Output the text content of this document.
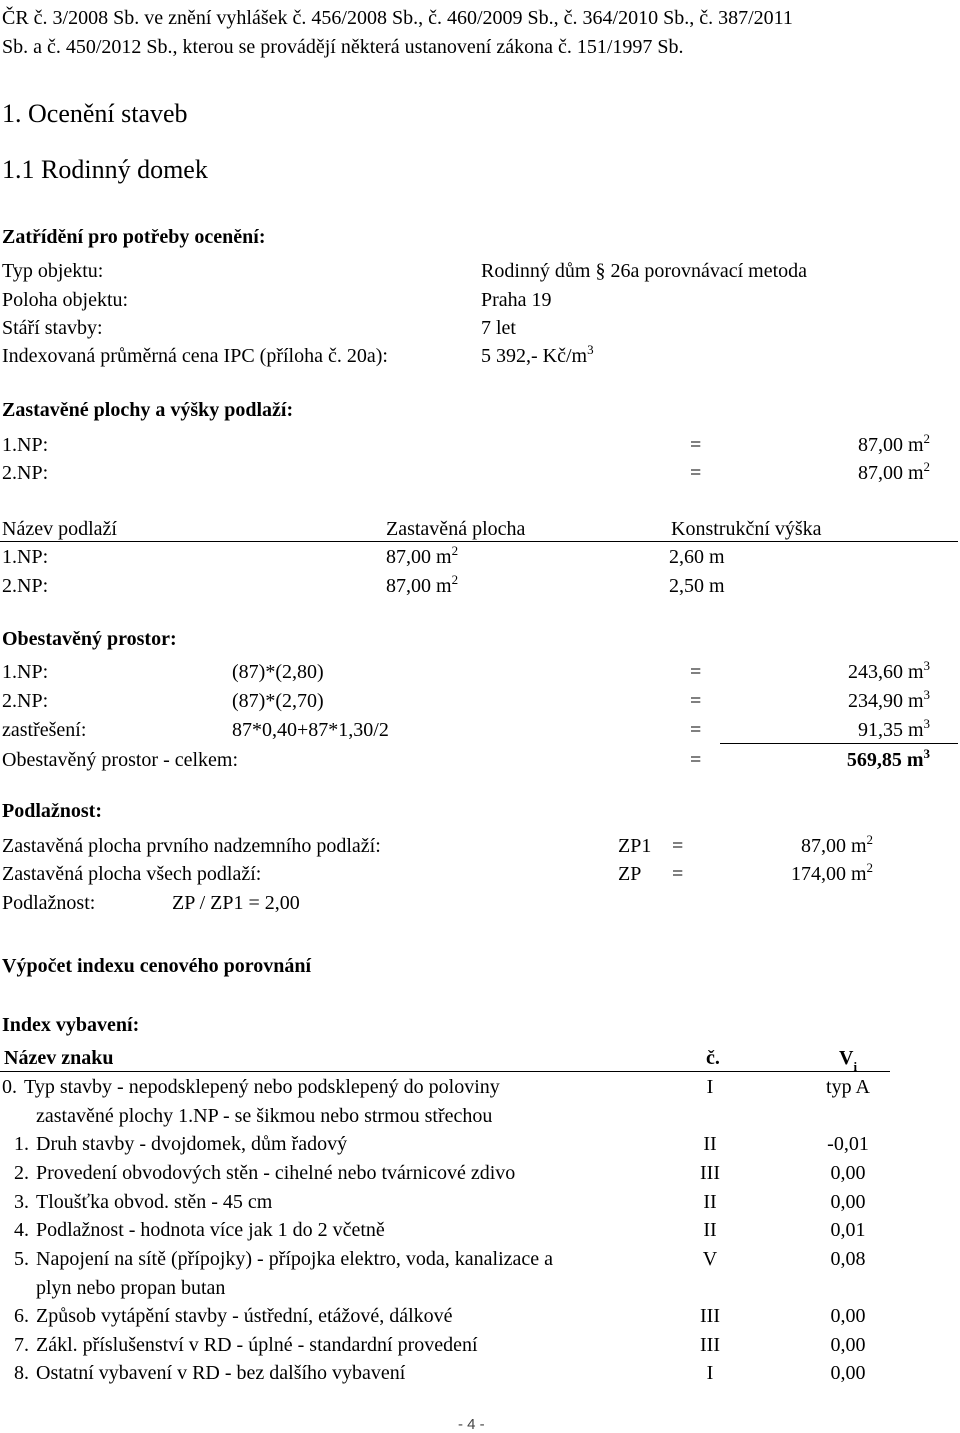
ČR č. 3/2008 Sb. ve znění vyhlášek č. 456/2008 Sb., č. 460/2009 Sb., č. 364/2010 Sb., č. 387/2011
Sb. a č. 450/2012 Sb., kterou se provádějí některá ustanovení zákona č. 151/1997 Sb.
1. Ocenění staveb
1.1 Rodinný domek
Zatřídění pro potřeby ocenění:
Typ objektu:	Rodinný dům § 26a porovnávací metoda
Poloha objektu:	Praha 19
Stáří stavby:	7 let
Indexovaná průměrná cena IPC (příloha č. 20a):	5 392,- $Kč/m^3$
Zastavěné plochy a výšky podlaží:
1.NP:	=	87,00 $m^2$
2.NP:	=	87,00 $m^2$
Název podlaží	Zastavěná plocha	Konstrukční výška
1.NP:	87,00 $m^2$	2,60 m
2.NP:	87,00 $m^2$	2,50 m
Obestavěný prostor:
1.NP:	(87)*(2,80)	=	243,60 $m^3$
2.NP:	(87)*(2,70)	=	234,90 $m^3$
zastřešení:	87*0,40+87*1,30/2	=	91,35 $m^3$
Obestavěný prostor - celkem:	=	569,85 $m^3$
Podlažnost:
Zastavěná plocha prvního nadzemního podlaží:	ZP1 =	87,00 $m^2$
Zastavěná plocha všech podlaží:	ZP =	174,00 $m^2$
Podlažnost:	ZP / ZP1 = 2,00
Výpočet indexu cenového porovnání
Index vybavení:
Název znaku	č.	$V_i$
0. Typ stavby - nepodsklepený nebo podsklepený do poloviny
zastavěné plochy 1.NP - se šikmou nebo strmou střechou
I	typ A
1. Druh stavby - dvojdomek, dům řadový	II	-0,01
2. Provedení obvodových stěn - cihelné nebo tvárnicové zdivo	III	0,00
3. Tloušťka obvod. stěn - 45 cm	II	0,00
4. Podlažnost - hodnota více jak 1 do 2 včetně	II	0,01
5. Napojení na sítě (přípojky) - přípojka elektro, voda, kanalizace a
plyn nebo propan butan
V	0,08
6. Způsob vytápění stavby - ústřední, etážové, dálkové	III	0,00
7. Zákl. příslušenství v RD - úplné - standardní provedení	III	0,00
8. Ostatní vybavení v RD - bez dalšího vybavení	I	0,00
- 4 -
